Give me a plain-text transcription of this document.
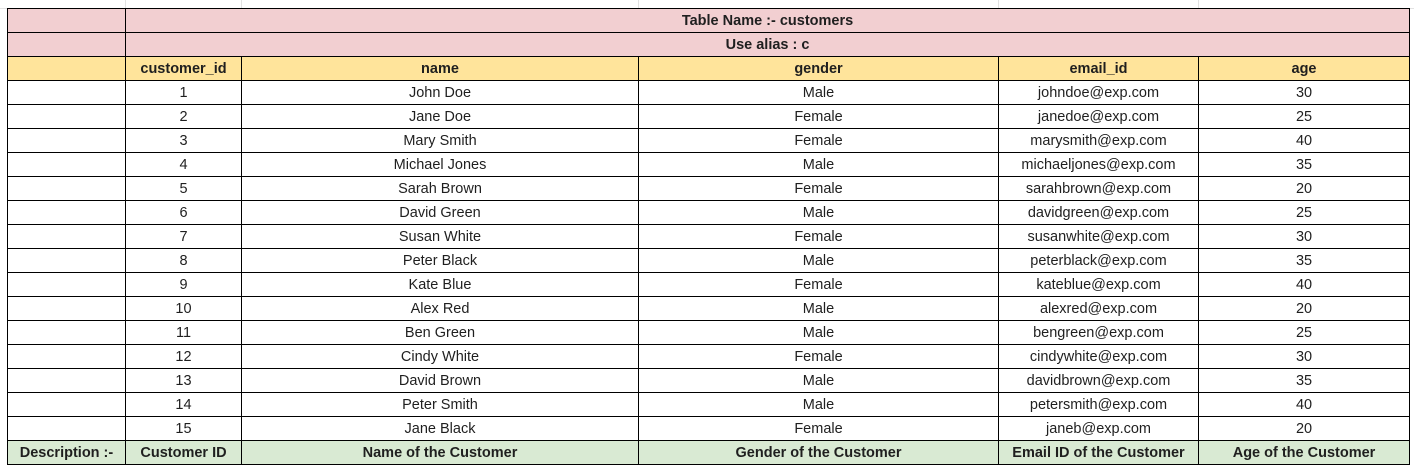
	Table Name :- customers				
	Use alias : c				
	customer_id	name	gender	email_id	age
	1	John Doe	Male	johndoe@exp.com	30
	2	Jane Doe	Female	janedoe@exp.com	25
	3	Mary Smith	Female	marysmith@exp.com	40
	4	Michael Jones	Male	michaeljones@exp.com	35
	5	Sarah Brown	Female	sarahbrown@exp.com	20
	6	David Green	Male	davidgreen@exp.com	25
	7	Susan White	Female	susanwhite@exp.com	30
	8	Peter Black	Male	peterblack@exp.com	35
	9	Kate Blue	Female	kateblue@exp.com	40
	10	Alex Red	Male	alexred@exp.com	20
	11	Ben Green	Male	bengreen@exp.com	25
	12	Cindy White	Female	cindywhite@exp.com	30
	13	David Brown	Male	davidbrown@exp.com	35
	14	Peter Smith	Male	petersmith@exp.com	40
	15	Jane Black	Female	janeb@exp.com	20
Description :-	Customer ID	Name of the Customer	Gender of the Customer	Email ID of the Customer	Age of the Customer
